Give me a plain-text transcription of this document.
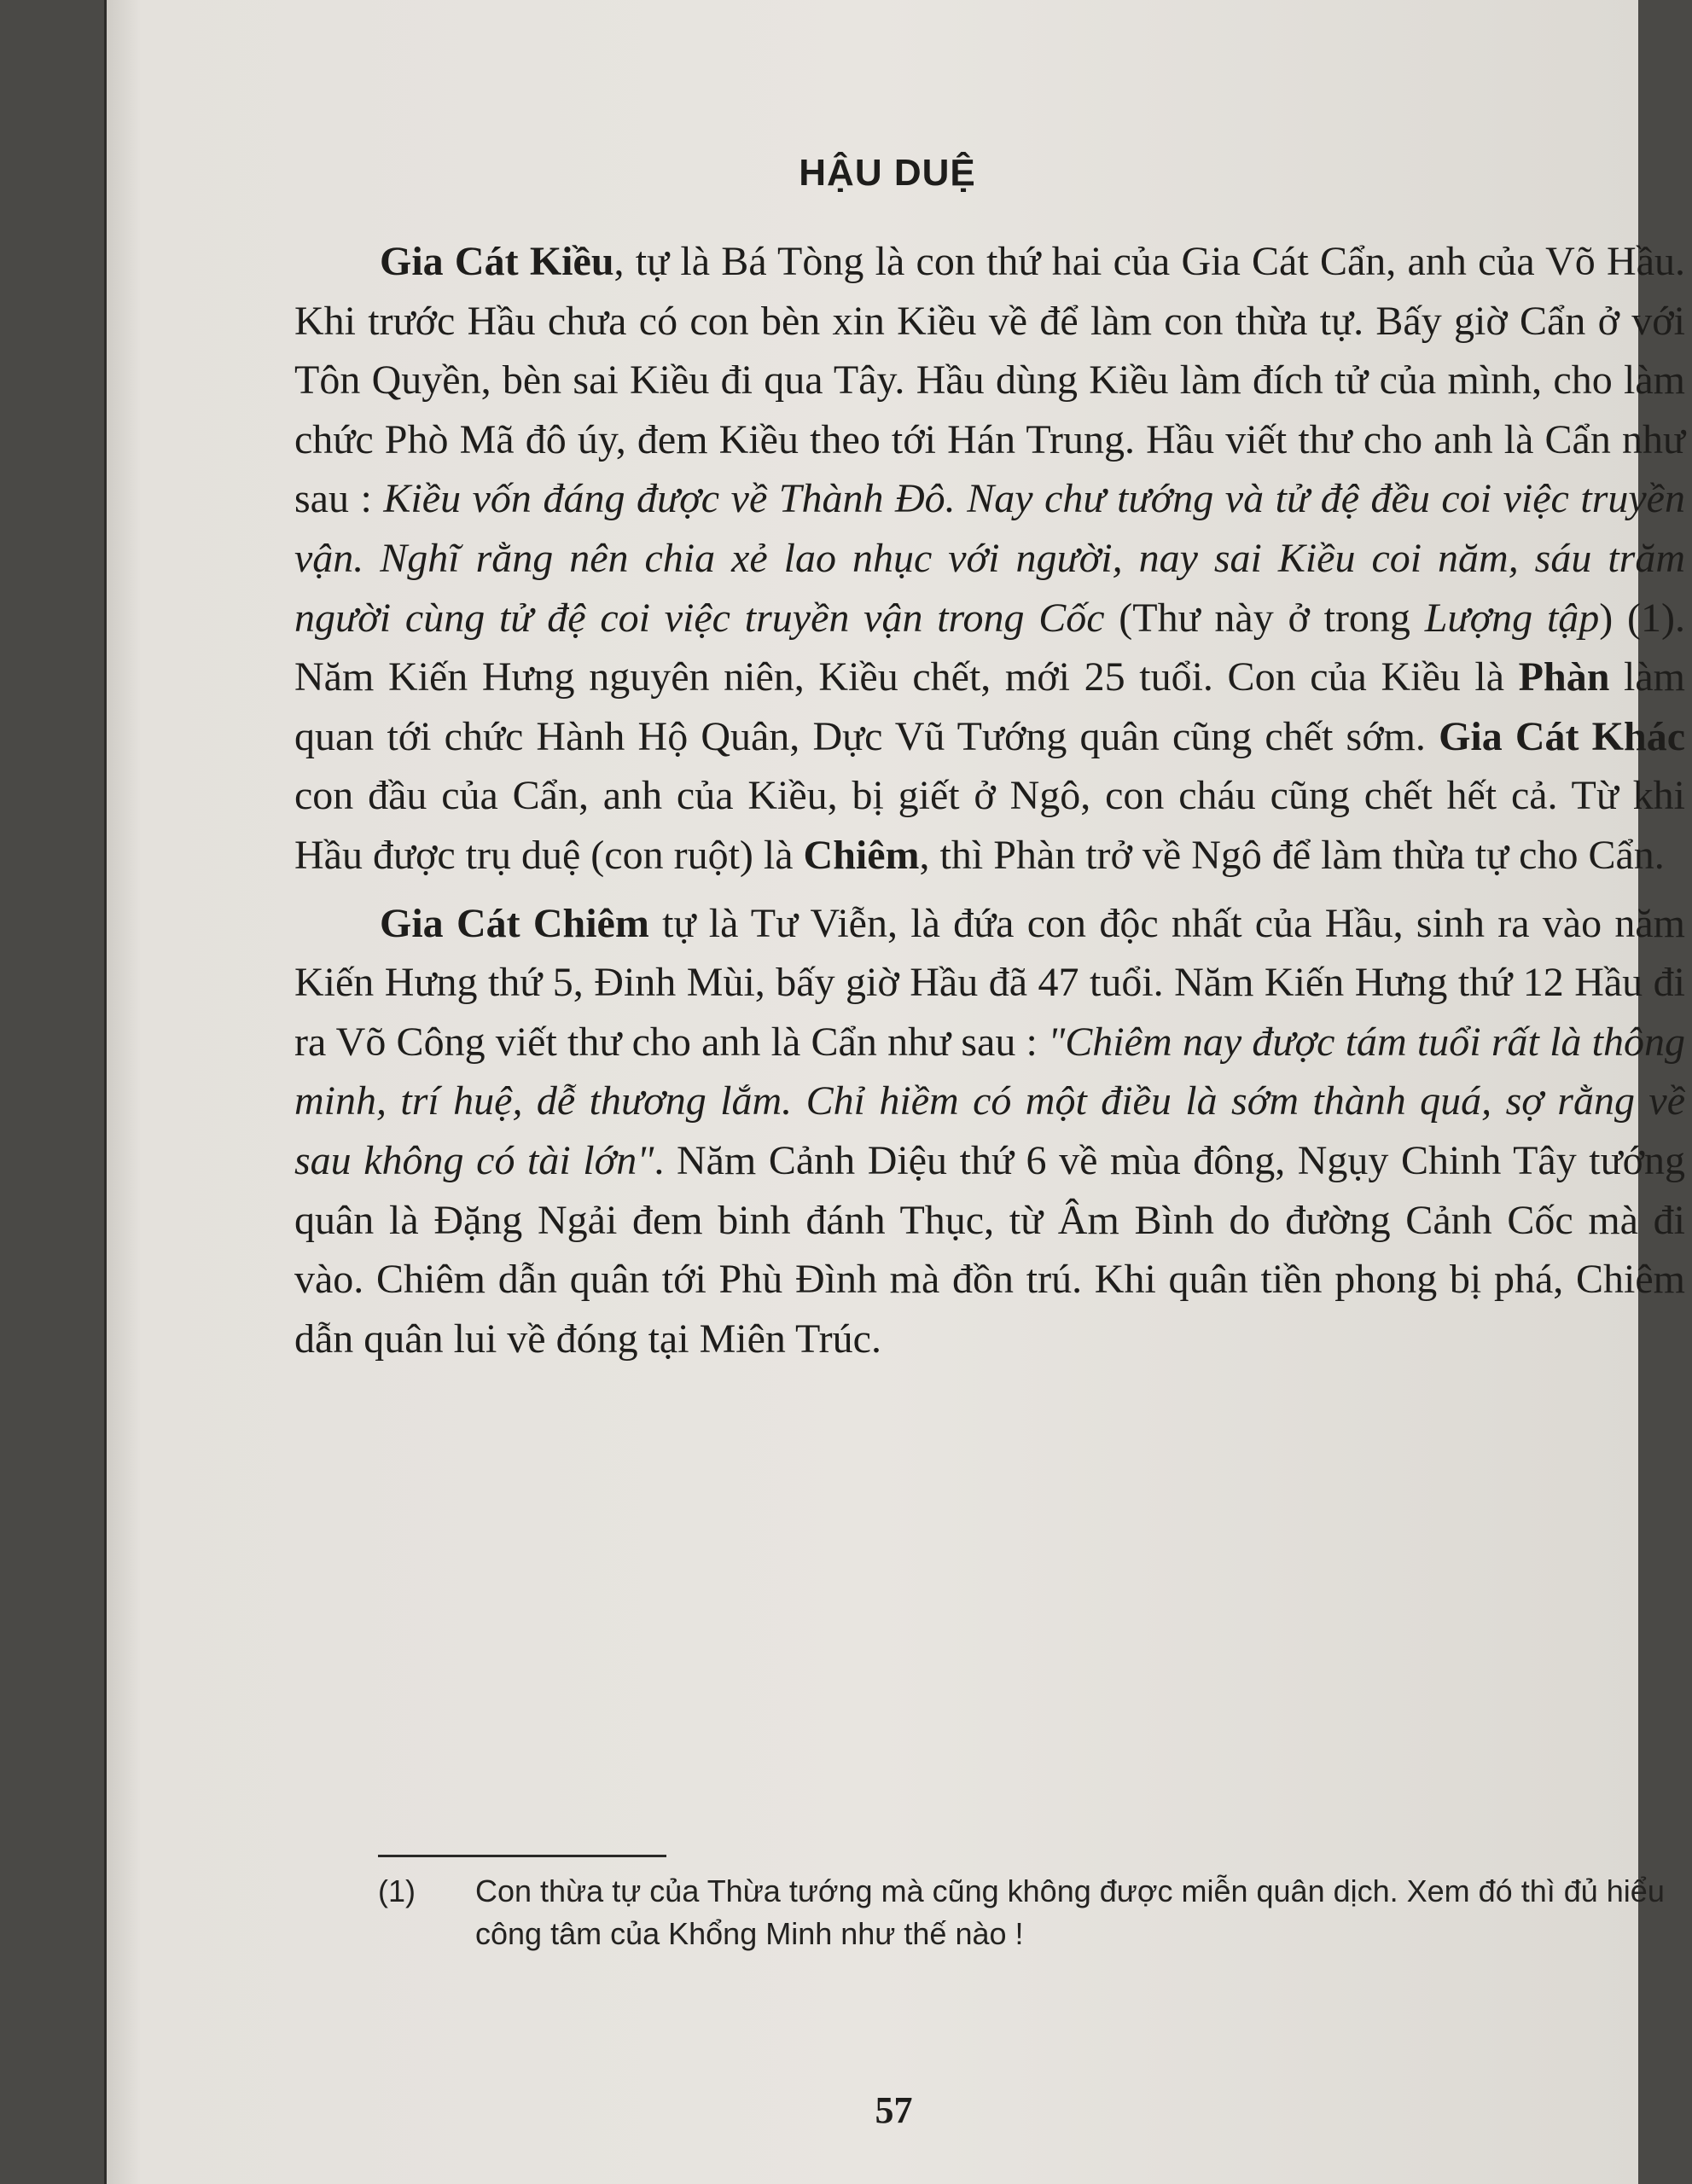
HẬU DUỆ

Gia Cát Kiều, tự là Bá Tòng là con thứ hai của Gia Cát Cẩn, anh của Võ Hầu. Khi trước Hầu chưa có con bèn xin Kiều về để làm con thừa tự. Bấy giờ Cẩn ở với Tôn Quyền, bèn sai Kiều đi qua Tây. Hầu dùng Kiều làm đích tử của mình, cho làm chức Phò Mã đô úy, đem Kiều theo tới Hán Trung. Hầu viết thư cho anh là Cẩn như sau : Kiều vốn đáng được về Thành Đô. Nay chư tướng và tử đệ đều coi việc truyền vận. Nghĩ rằng nên chia xẻ lao nhục với người, nay sai Kiều coi năm, sáu trăm người cùng tử đệ coi việc truyền vận trong Cốc (Thư này ở trong Lượng tập) (1). Năm Kiến Hưng nguyên niên, Kiều chết, mới 25 tuổi. Con của Kiều là Phàn làm quan tới chức Hành Hộ Quân, Dực Vũ Tướng quân cũng chết sớm. Gia Cát Khác con đầu của Cẩn, anh của Kiều, bị giết ở Ngô, con cháu cũng chết hết cả. Từ khi Hầu được trụ duệ (con ruột) là Chiêm, thì Phàn trở về Ngô để làm thừa tự cho Cẩn.

Gia Cát Chiêm tự là Tư Viễn, là đứa con độc nhất của Hầu, sinh ra vào năm Kiến Hưng thứ 5, Đinh Mùi, bấy giờ Hầu đã 47 tuổi. Năm Kiến Hưng thứ 12 Hầu đi ra Võ Công viết thư cho anh là Cẩn như sau : "Chiêm nay được tám tuổi rất là thông minh, trí huệ, dễ thương lắm. Chỉ hiềm có một điều là sớm thành quá, sợ rằng về sau không có tài lớn". Năm Cảnh Diệu thứ 6 về mùa đông, Ngụy Chinh Tây tướng quân là Đặng Ngải đem binh đánh Thục, từ Âm Bình do đường Cảnh Cốc mà đi vào. Chiêm dẫn quân tới Phù Đình mà đồn trú. Khi quân tiền phong bị phá, Chiêm dẫn quân lui về đóng tại Miên Trúc.

(1) Con thừa tự của Thừa tướng mà cũng không được miễn quân dịch. Xem đó thì đủ hiểu công tâm của Khổng Minh như thế nào !
57
